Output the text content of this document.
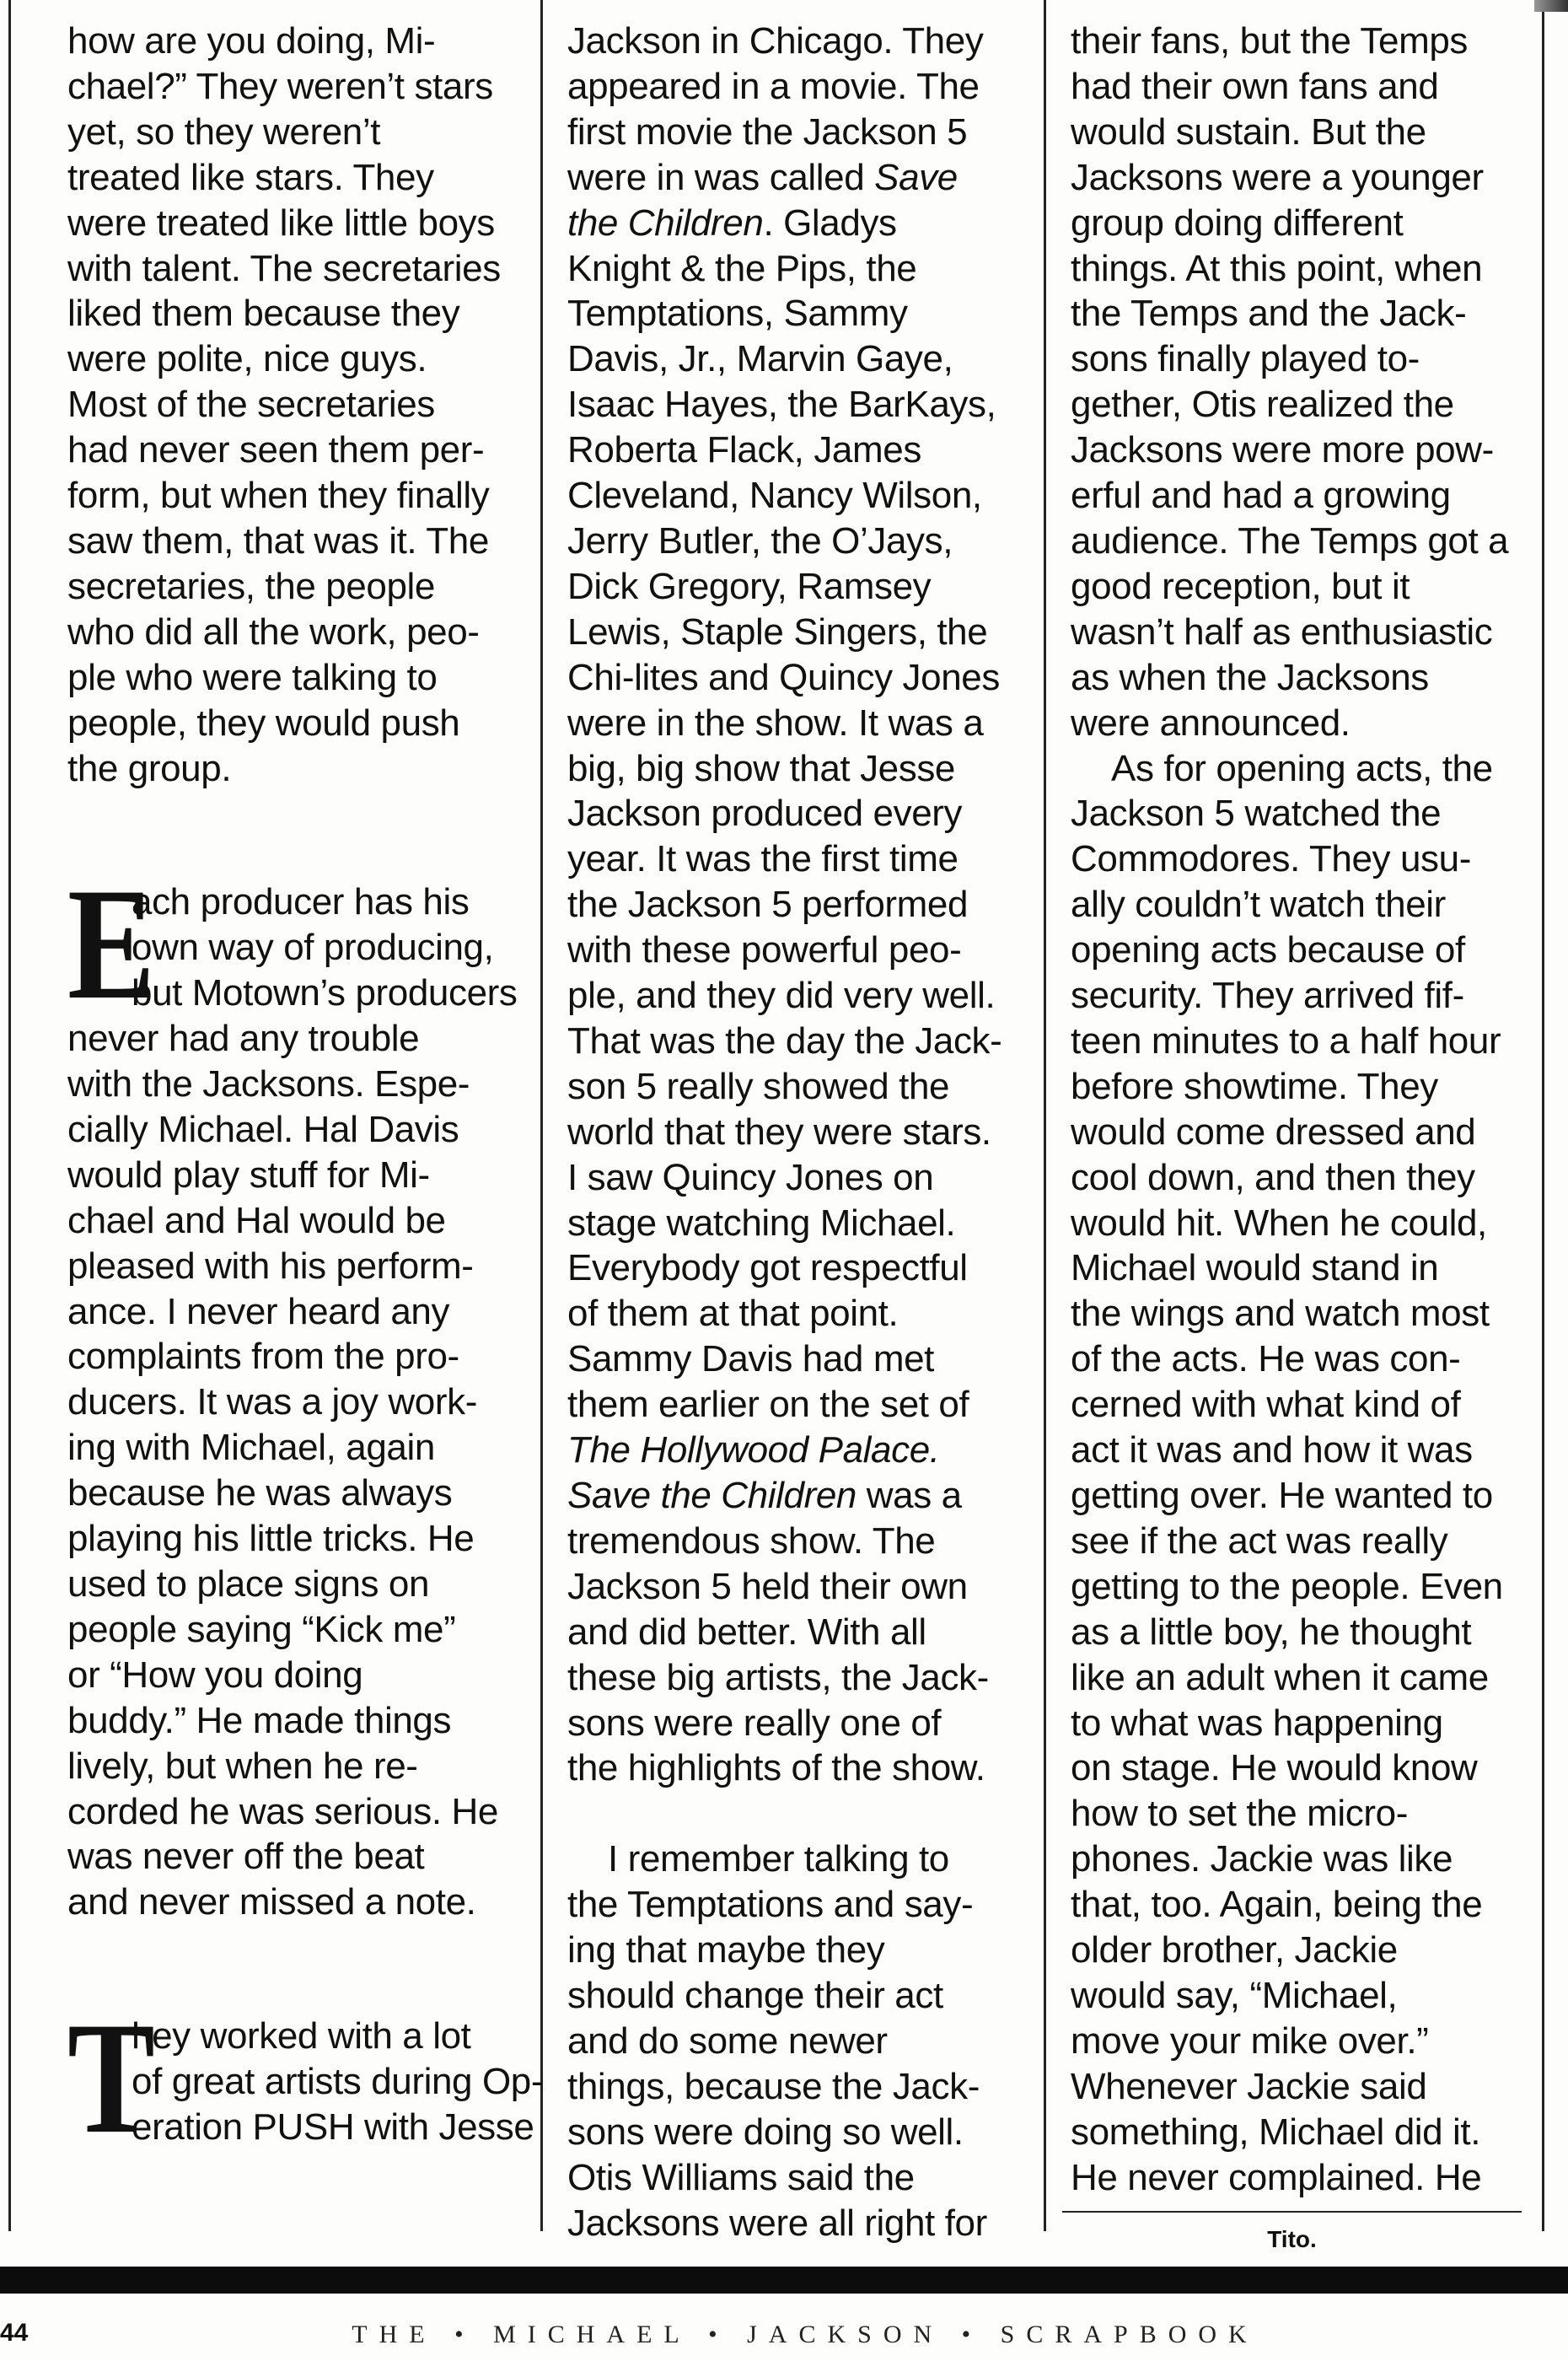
how are you doing, Mi-
chael?” They weren’t stars
yet, so they weren’t
treated like stars. They
were treated like little boys
with talent. The secretaries
liked them because they
were polite, nice guys.
Most of the secretaries
had never seen them per-
form, but when they finally
saw them, that was it. The
secretaries, the people
who did all the work, peo-
ple who were talking to
people, they would push
the group.

E

ach producer has his
own way of producing,
but Motown’s producers
never had any trouble
with the Jacksons. Espe-
cially Michael. Hal Davis
would play stuff for Mi-
chael and Hal would be
pleased with his perform-
ance. I never heard any
complaints from the pro-
ducers. It was a joy work-
ing with Michael, again
because he was always
playing his little tricks. He
used to place signs on
people saying “Kick me”
or “How you doing
buddy.” He made things
lively, but when he re-
corded he was serious. He
was never off the beat
and never missed a note.

T

hey worked with a lot
of great artists during Op-
eration PUSH with Jesse

Jackson in Chicago. They
appeared in a movie. The
first movie the Jackson 5
were in was called Save
the Children. Gladys
Knight & the Pips, the
Temptations, Sammy
Davis, Jr., Marvin Gaye,
Isaac Hayes, the BarKays,
Roberta Flack, James
Cleveland, Nancy Wilson,
Jerry Butler, the O’Jays,
Dick Gregory, Ramsey
Lewis, Staple Singers, the
Chi-lites and Quincy Jones
were in the show. It was a
big, big show that Jesse
Jackson produced every
year. It was the first time
the Jackson 5 performed
with these powerful peo-
ple, and they did very well.
That was the day the Jack-
son 5 really showed the
world that they were stars.
I saw Quincy Jones on
stage watching Michael.
Everybody got respectful
of them at that point.
Sammy Davis had met
them earlier on the set of
The Hollywood Palace.
Save the Children was a
tremendous show. The
Jackson 5 held their own
and did better. With all
these big artists, the Jack-
sons were really one of
the highlights of the show.

I remember talking to
the Temptations and say-
ing that maybe they
should change their act
and do some newer
things, because the Jack-
sons were doing so well.
Otis Williams said the
Jacksons were all right for

their fans, but the Temps
had their own fans and
would sustain. But the
Jacksons were a younger
group doing different
things. At this point, when
the Temps and the Jack-
sons finally played to-
gether, Otis realized the
Jacksons were more pow-
erful and had a growing
audience. The Temps got a
good reception, but it
wasn’t half as enthusiastic
as when the Jacksons
were announced.

As for opening acts, the
Jackson 5 watched the
Commodores. They usu-
ally couldn’t watch their
opening acts because of
security. They arrived fif-
teen minutes to a half hour
before showtime. They
would come dressed and
cool down, and then they
would hit. When he could,
Michael would stand in
the wings and watch most
of the acts. He was con-
cerned with what kind of
act it was and how it was
getting over. He wanted to
see if the act was really
getting to the people. Even
as a little boy, he thought
like an adult when it came
to what was happening
on stage. He would know
how to set the micro-
phones. Jackie was like
that, too. Again, being the
older brother, Jackie
would say, “Michael,
move your mike over.”
Whenever Jackie said
something, Michael did it.
He never complained. He

Tito.
44	THE • MICHAEL • JACKSON • SCRAPBOOK
